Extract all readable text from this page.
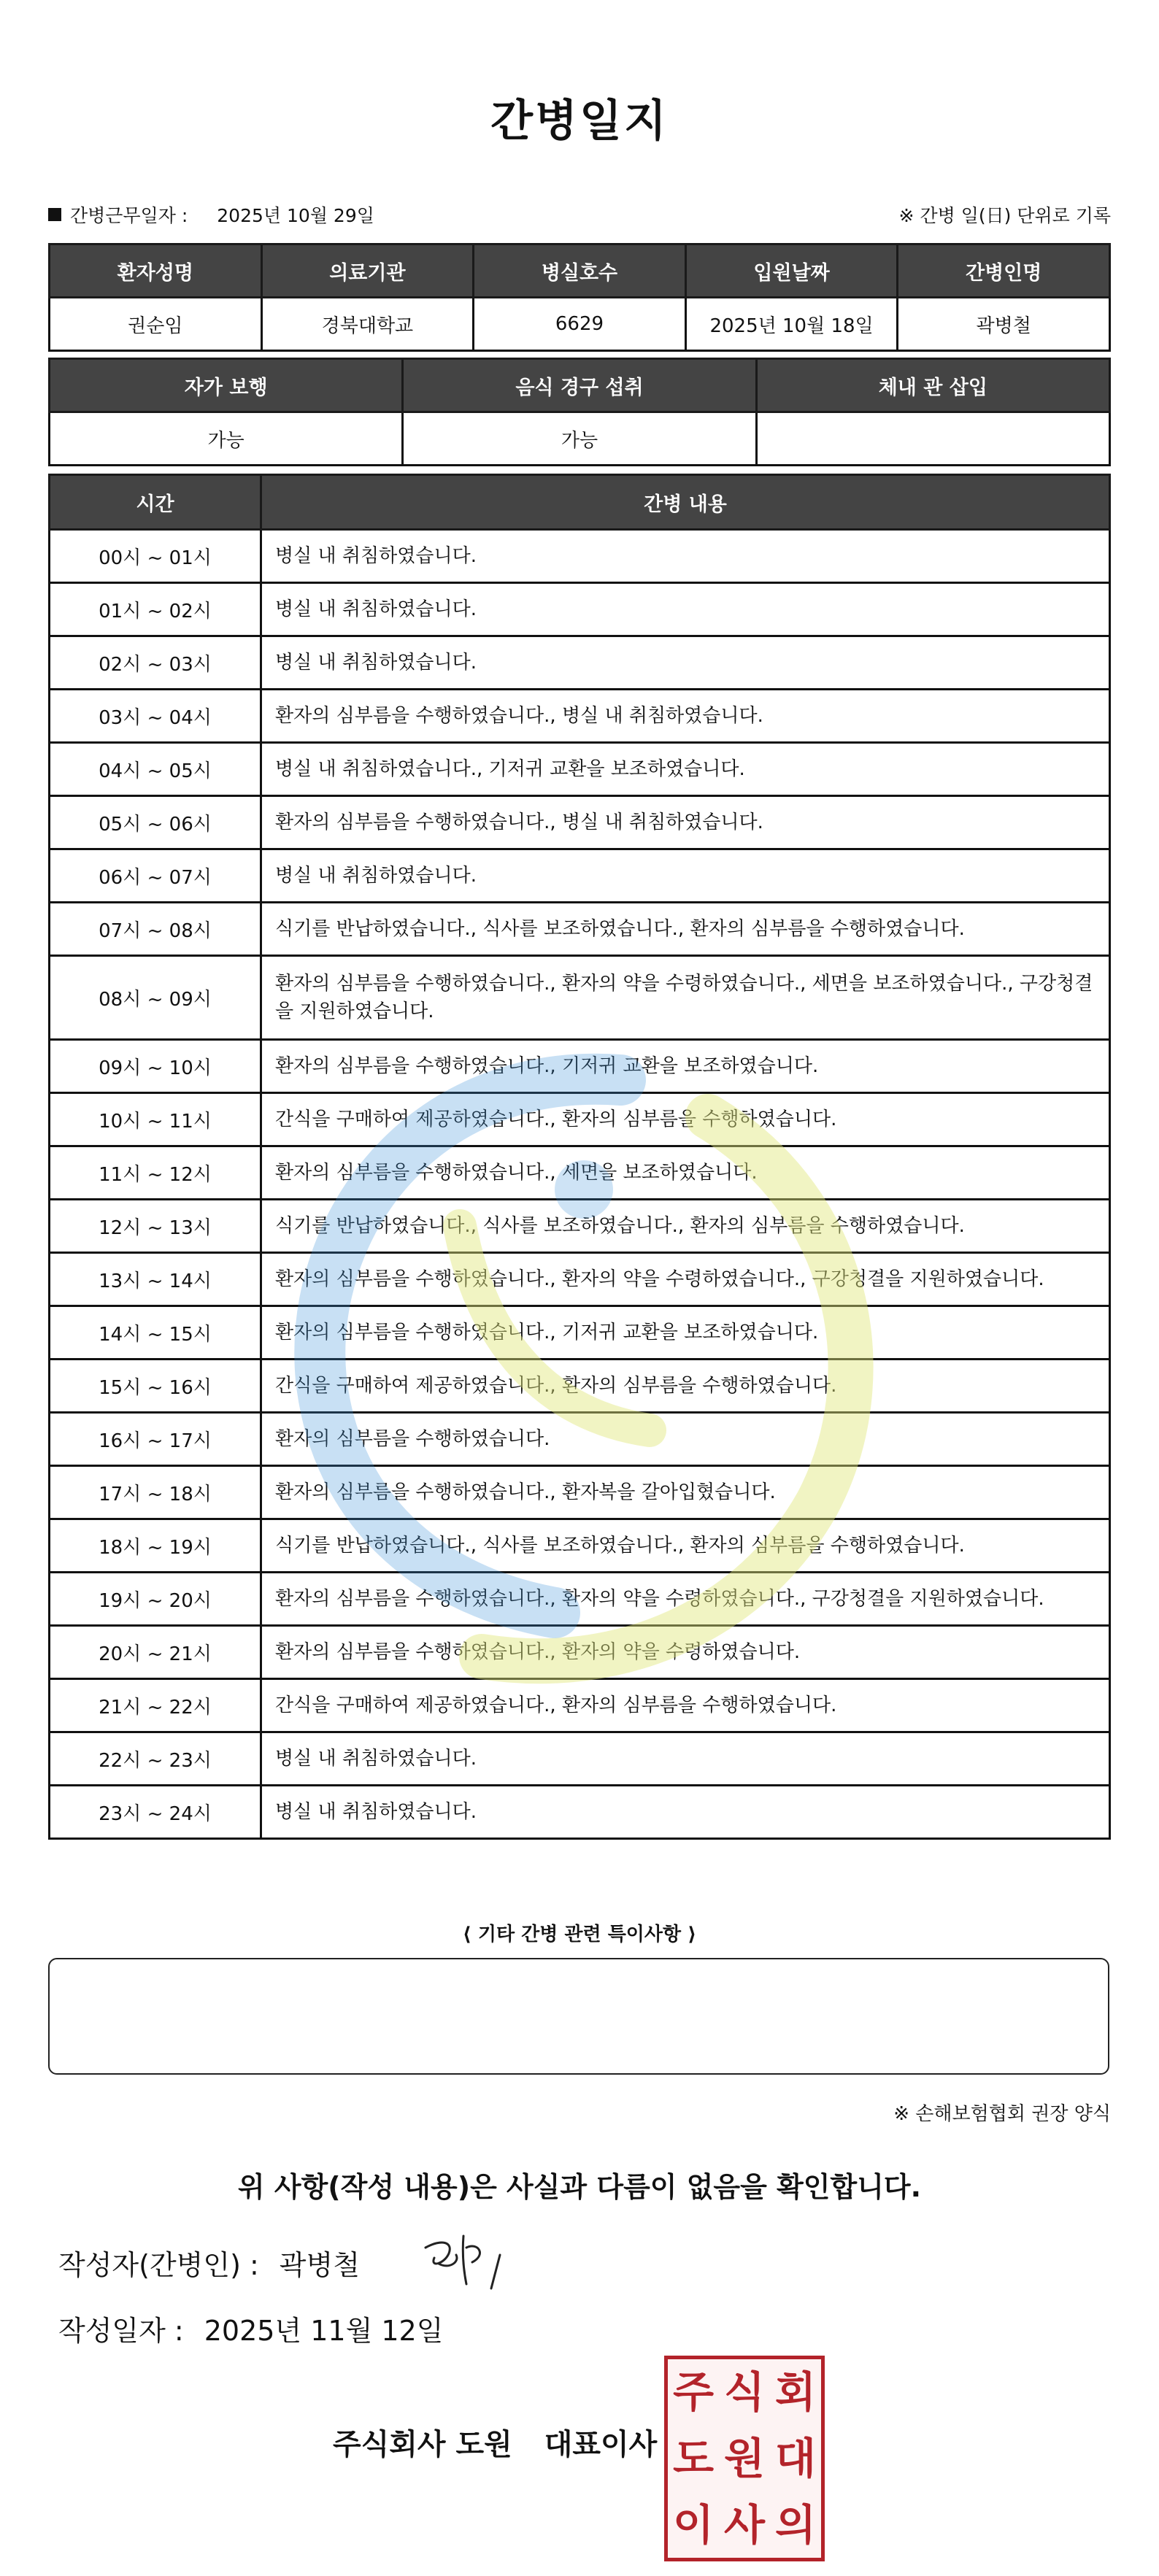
간병일지
간병근무일자 : 2025년 10월 29일	※ 간병 일(日) 단위로 기록
환자성명	의료기관	병실호수	입원날짜	간병인명
권순임	경북대학교	6629	2025년 10월 18일	곽병철
자가 보행	음식 경구 섭취	체내 관 삽입
가능	가능	
시간	간병 내용
00시 ~ 01시	병실 내 취침하였습니다.
01시 ~ 02시	병실 내 취침하였습니다.
02시 ~ 03시	병실 내 취침하였습니다.
03시 ~ 04시	환자의 심부름을 수행하였습니다., 병실 내 취침하였습니다.
04시 ~ 05시	병실 내 취침하였습니다., 기저귀 교환을 보조하였습니다.
05시 ~ 06시	환자의 심부름을 수행하였습니다., 병실 내 취침하였습니다.
06시 ~ 07시	병실 내 취침하였습니다.
07시 ~ 08시	식기를 반납하였습니다., 식사를 보조하였습니다., 환자의 심부름을 수행하였습니다.
08시 ~ 09시	환자의 심부름을 수행하였습니다., 환자의 약을 수령하였습니다., 세면을 보조하였습니다., 구강청결을 지원하였습니다.
09시 ~ 10시	환자의 심부름을 수행하였습니다., 기저귀 교환을 보조하였습니다.
10시 ~ 11시	간식을 구매하여 제공하였습니다., 환자의 심부름을 수행하였습니다.
11시 ~ 12시	환자의 심부름을 수행하였습니다., 세면을 보조하였습니다.
12시 ~ 13시	식기를 반납하였습니다., 식사를 보조하였습니다., 환자의 심부름을 수행하였습니다.
13시 ~ 14시	환자의 심부름을 수행하였습니다., 환자의 약을 수령하였습니다., 구강청결을 지원하였습니다.
14시 ~ 15시	환자의 심부름을 수행하였습니다., 기저귀 교환을 보조하였습니다.
15시 ~ 16시	간식을 구매하여 제공하였습니다., 환자의 심부름을 수행하였습니다.
16시 ~ 17시	환자의 심부름을 수행하였습니다.
17시 ~ 18시	환자의 심부름을 수행하였습니다., 환자복을 갈아입혔습니다.
18시 ~ 19시	식기를 반납하였습니다., 식사를 보조하였습니다., 환자의 심부름을 수행하였습니다.
19시 ~ 20시	환자의 심부름을 수행하였습니다., 환자의 약을 수령하였습니다., 구강청결을 지원하였습니다.
20시 ~ 21시	환자의 심부름을 수행하였습니다., 환자의 약을 수령하였습니다.
21시 ~ 22시	간식을 구매하여 제공하였습니다., 환자의 심부름을 수행하였습니다.
22시 ~ 23시	병실 내 취침하였습니다.
23시 ~ 24시	병실 내 취침하였습니다.
⟨ 기타 간병 관련 특이사항 ⟩
※ 손해보험협회 권장 양식
위 사항(작성 내용)은 사실과 다름이 없음을 확인합니다.
작성자(간병인) : 곽병철
작성일자 : 2025년 11월 12일
주식회사 도원 대표이사
주 식 회
도 원 대
이 사 의
